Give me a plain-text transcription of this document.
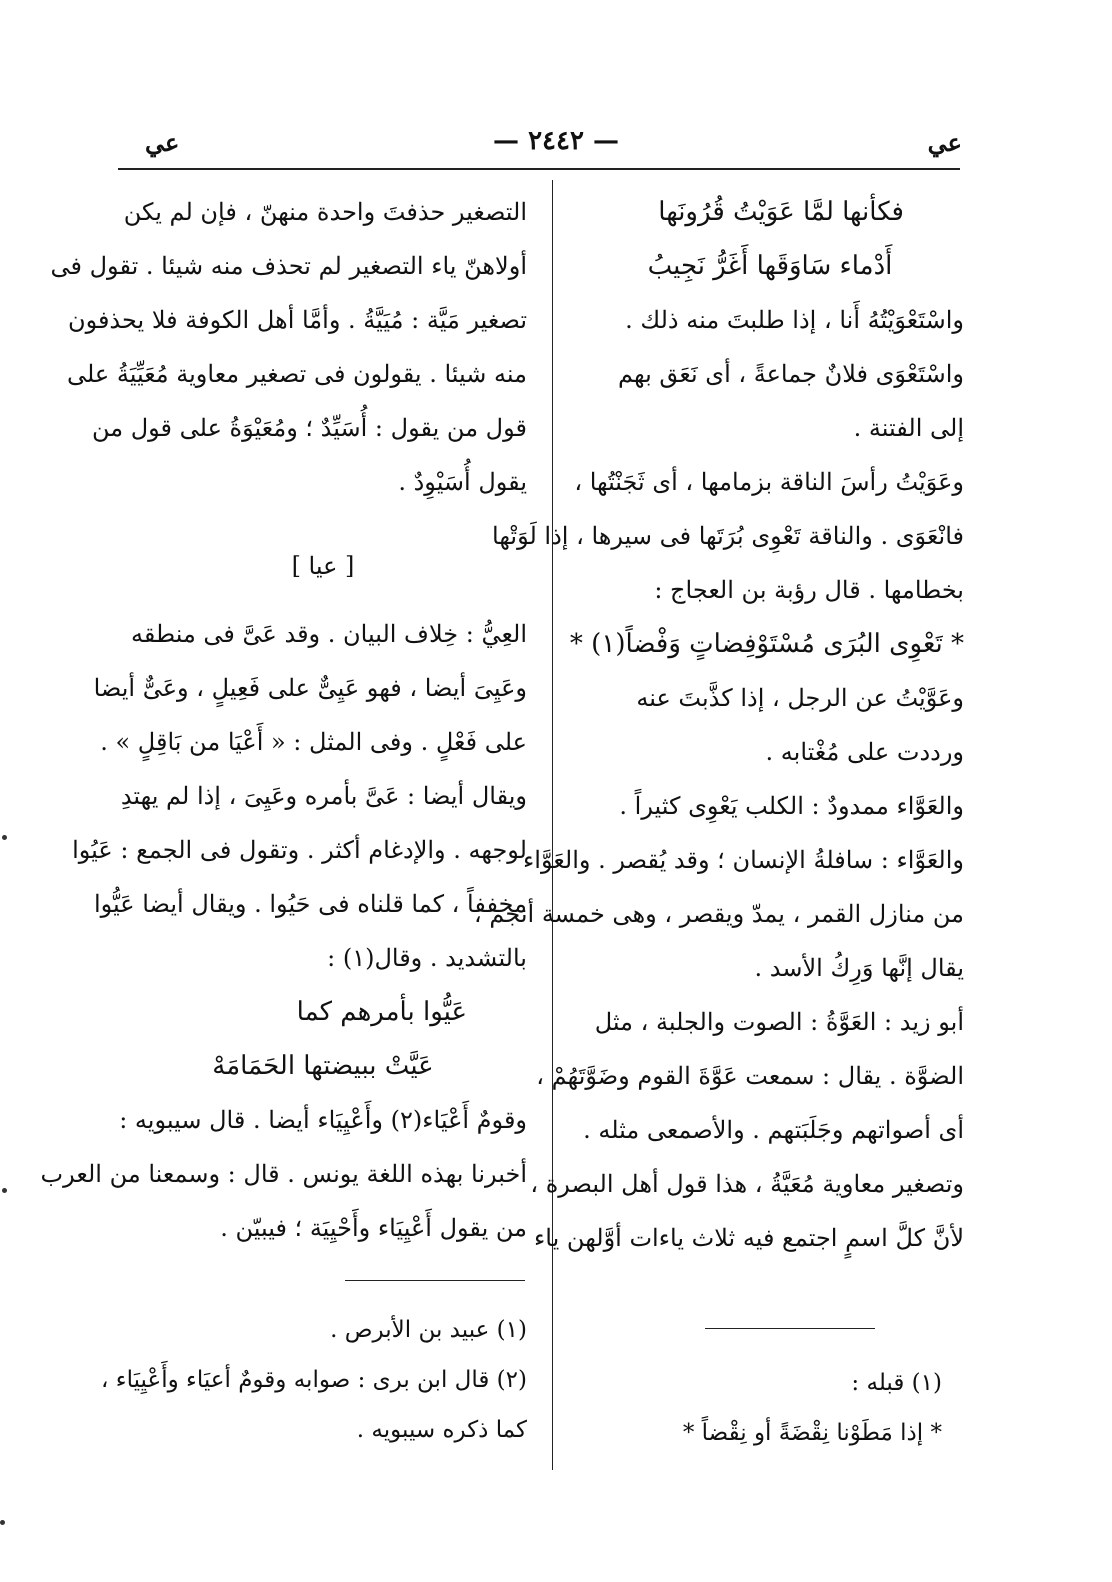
عي
— ٢٤٤٢ —
عي
فكأنها لمَّا عَوَيْتُ قُرُونَها
أَدْماء سَاوَقَها أَغَرُّ نَجِيبُ
واسْتَعْوَيْتُهُ أَنا ، إذا طلبتَ منه ذلك .
واسْتَعْوَى فلانٌ جماعةً ، أى نَعَق بهم
إلى الفتنة .
وعَوَيْتُ رأسَ الناقة بزمامها ، أى ثَجَنْتُها ،
فانْعَوَى . والناقة تَعْوِى بُرَتَها فى سيرها ، إذا لَوَتْها
بخطامها . قال رؤبة بن العجاج :
* تَعْوِى البُرَى مُسْتَوْفِضاتٍ وَفْضاً(١) *
وعَوَّيْتُ عن الرجل ، إذا كذَّبتَ عنه
ورددت على مُغْتابه .
والعَوَّاء ممدودٌ : الكلب يَعْوِى كثيراً .
والعَوَّاء : سافلةُ الإنسان ؛ وقد يُقصر . والعَوَّاء
من منازل القمر ، يمدّ ويقصر ، وهى خمسة أنجم ،
يقال إنَّها وَرِكُ الأسد .
أبو زيد : العَوَّةُ : الصوت والجلبة ، مثل
الضوَّة . يقال : سمعت عَوَّةَ القوم وضَوَّتَهُمْ ،
أى أصواتهم وجَلَبَتهم . والأصمعى مثله .
وتصغير معاوية مُعَيَّةُ ، هذا قول أهل البصرة ،
لأنَّ كلَّ اسمٍ اجتمع فيه ثلاث ياءات أوَّلهن ياء
(١) قبله :
* إذا مَطَوْنا نِقْضَةً أو نِقْضاً *
التصغير حذفتَ واحدة منهنّ ، فإن لم يكن
أولاهنّ ياء التصغير لم تحذف منه شيئا . تقول فى
تصغير مَيَّة : مُيَيَّةُ . وأمَّا أهل الكوفة فلا يحذفون
منه شيئا . يقولون فى تصغير معاوية مُعَيِّيَةُ على
قول من يقول : أُسَيِّدٌ ؛ ومُعَيْوَةُ على قول من
يقول أُسَيْوِدٌ .
[ عيا ]
العِيُّ : خِلاف البيان . وقد عَىَّ فى منطقه
وعَيِىَ أيضا ، فهو عَيِىٌّ على فَعِيلٍ ، وعَىٌّ أيضا
على فَعْلٍ . وفى المثل : « أَعْيَا من بَاقِلٍ » .
ويقال أيضا : عَىَّ بأمره وعَيِىَ ، إذا لم يهتدِ
لوجهه . والإدغام أكثر . وتقول فى الجمع : عَيُوا
مخففاً ، كما قلناه فى حَيُوا . ويقال أيضا عَيُّوا
بالتشديد . وقال(١) :
عَيُّوا بأمرهم كما
عَيَّتْ ببيضتها الحَمَامَهْ
وقومٌ أَعْيَاء(٢) وأَعْيِيَاء أيضا . قال سيبويه :
أخبرنا بهذه اللغة يونس . قال : وسمعنا من العرب
من يقول أَعْيِيَاء وأَحْيِيَة ؛ فيبيّن .
(١) عبيد بن الأبرص .
(٢) قال ابن برى : صوابه وقومٌ أعيَاء وأَعْيِيَاء ،
كما ذكره سيبويه .
